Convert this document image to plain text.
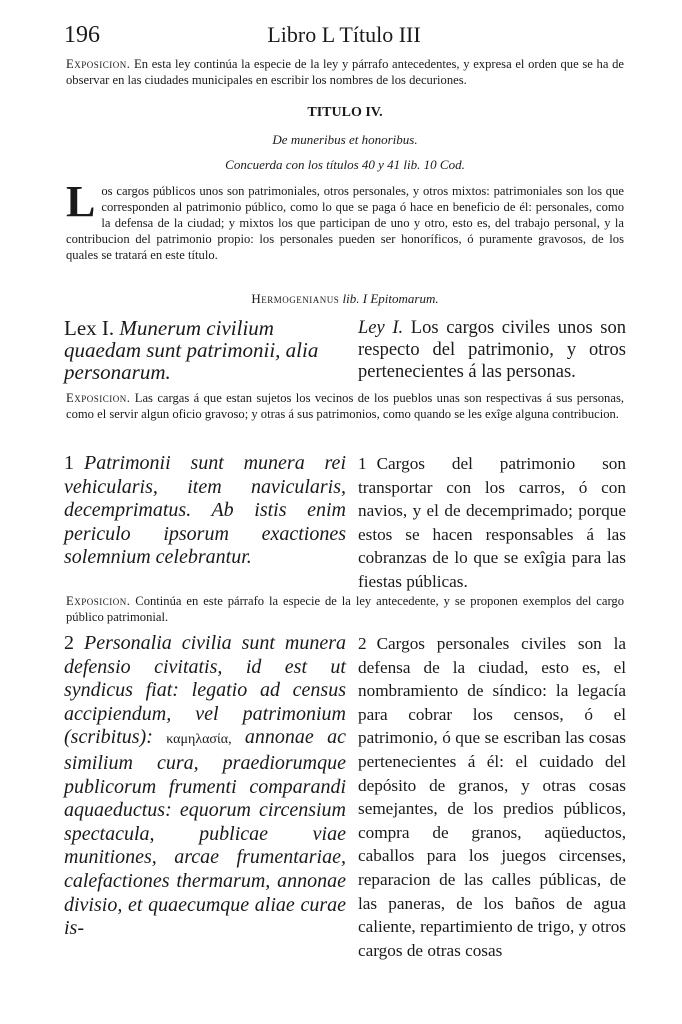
196	Libro L Título III
Exposicion. En esta ley continúa la especie de la ley y párrafo antecedentes, y expresa el orden que se ha de observar en las ciudades municipales en escribir los nombres de los decuriones.
TITULO IV.
De muneribus et honoribus.
Concuerda con los títulos 40 y 41 lib. 10 Cod.
L os cargos públicos unos son patrimoniales, otros personales, y otros mixtos: patrimoniales son los que corresponden al patrimonio público, como lo que se paga ó hace en beneficio de él: personales, como la defensa de la ciudad; y mixtos los que participan de uno y otro, esto es, del trabajo personal, y la contribucion del patrimonio propio: los personales pueden ser honoríficos, ó puramente gravosos, de los quales se tratará en este título.
Hermogenianus lib. I Epitomarum.
Lex I. Munerum civilium quaedam sunt patrimonii, alia personarum.
Ley I. Los cargos civiles unos son respecto del patrimonio, y otros pertenecientes á las personas.
Exposicion. Las cargas á que estan sujetos los vecinos de los pueblos unas son respectivas á sus personas, como el servir algun oficio gravoso; y otras á sus patrimonios, como quando se les exîge alguna contribucion.
1 Patrimonii sunt munera rei vehicularis, item navicularis, decemprimatus. Ab istis enim periculo ipsorum exactiones solemnium celebrantur.
1 Cargos del patrimonio son transportar con los carros, ó con navios, y el de decemprimado; porque estos se hacen responsables á las cobranzas de lo que se exîgia para las fiestas públicas.
Exposicion. Continúa en este párrafo la especie de la ley antecedente, y se proponen exemplos del cargo público patrimonial.
2 Personalia civilia sunt munera defensio civitatis, id est ut syndicus fiat: legatio ad census accipiendum, vel patrimonium (scribitus): καμηλασία, annonae ac similium cura, praediorumque publicorum frumenti comparandi aquaeductus: equorum circensium spectacula, publicae viae munitiones, arcae frumentariae, calefactiones thermarum, annonae divisio, et quaecumque aliae curae is-
2 Cargos personales civiles son la defensa de la ciudad, esto es, el nombramiento de síndico: la legacía para cobrar los censos, ó el patrimonio, ó que se escriban las cosas pertenecientes á él: el cuidado del depósito de granos, y otras cosas semejantes, de los predios públicos, compra de granos, aqüeductos, caballos para los juegos circenses, reparacion de las calles públicas, de las paneras, de los baños de agua caliente, repartimiento de trigo, y otros cargos de otras cosas
